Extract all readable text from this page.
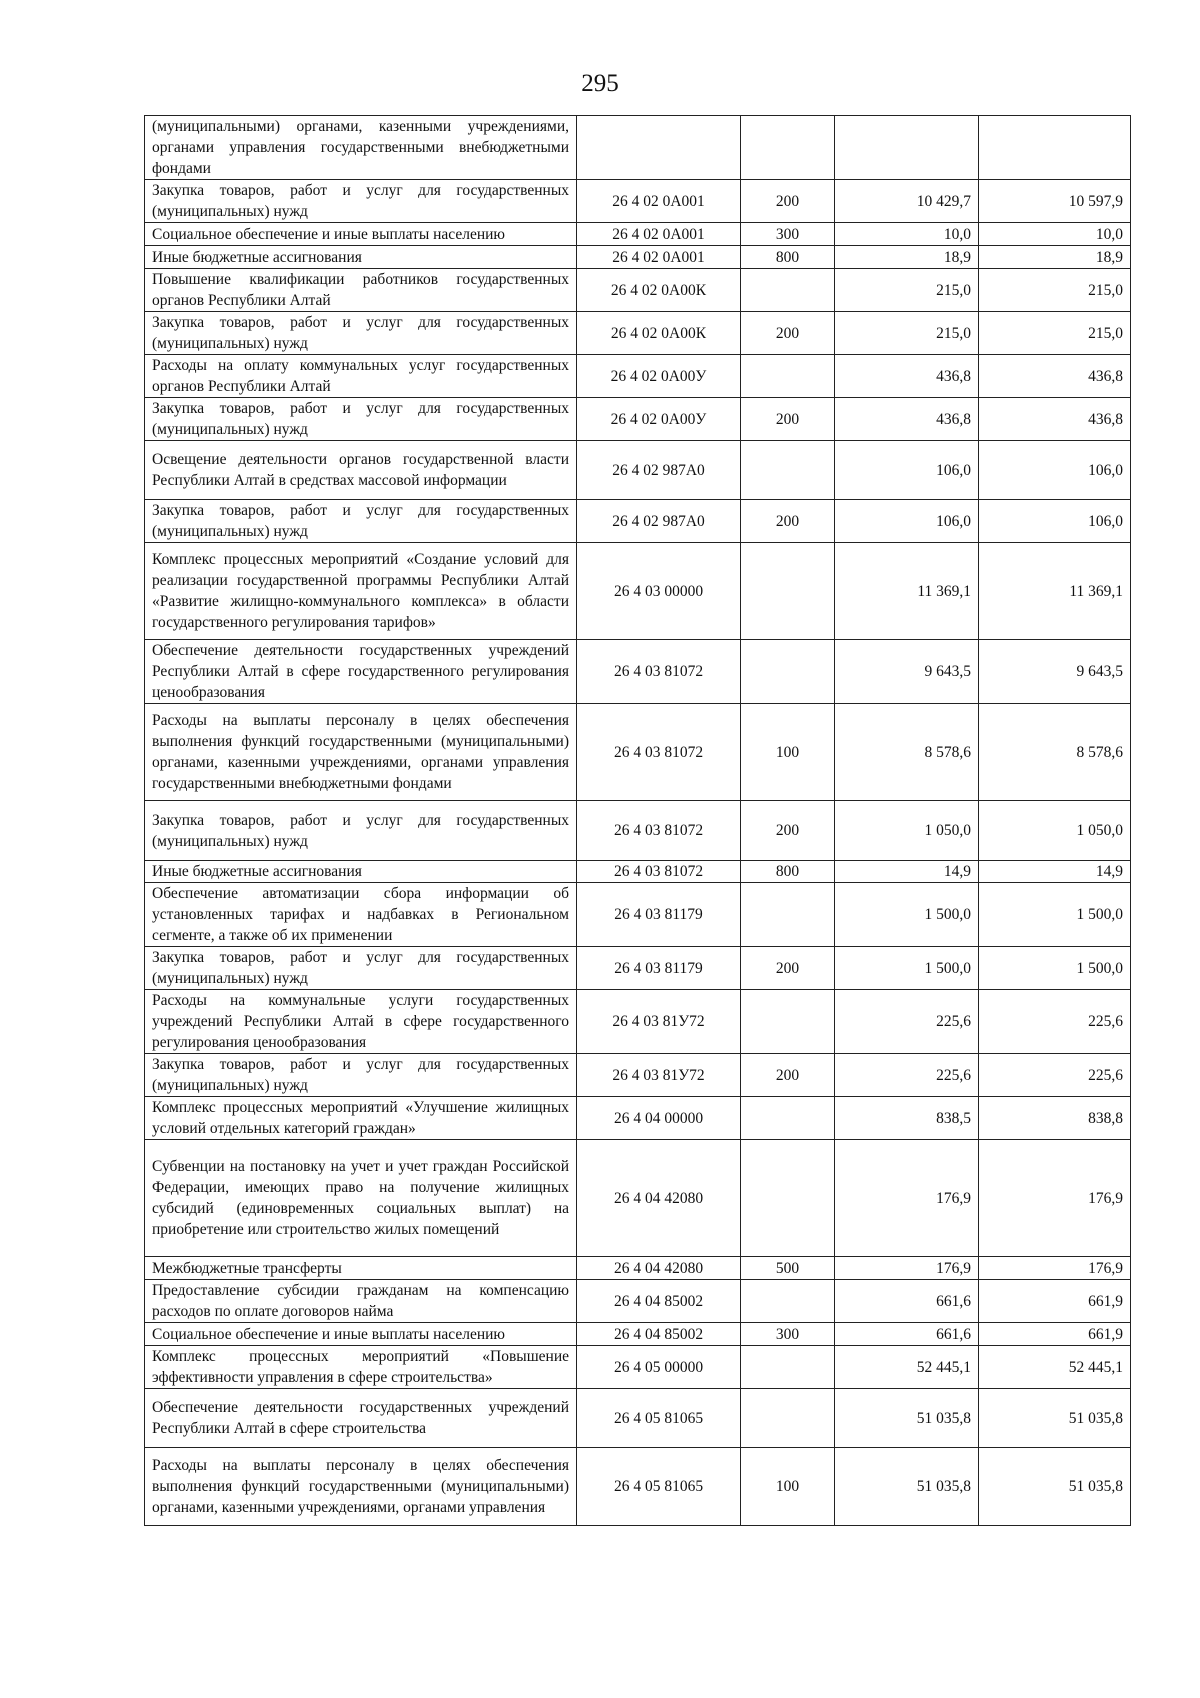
295
(муниципальными) органами, казенными учреждениями, органами управления государственными внебюджетными фондами				
Закупка товаров, работ и услуг для государственных (муниципальных) нужд	26 4 02 0А001	200	10 429,7	10 597,9
Социальное обеспечение и иные выплаты населению	26 4 02 0А001	300	10,0	10,0
Иные бюджетные ассигнования	26 4 02 0А001	800	18,9	18,9
Повышение квалификации работников государственных органов Республики Алтай	26 4 02 0А00К		215,0	215,0
Закупка товаров, работ и услуг для государственных (муниципальных) нужд	26 4 02 0А00К	200	215,0	215,0
Расходы на оплату коммунальных услуг государственных органов Республики Алтай	26 4 02 0А00У		436,8	436,8
Закупка товаров, работ и услуг для государственных (муниципальных) нужд	26 4 02 0А00У	200	436,8	436,8
Освещение деятельности органов государственной власти Республики Алтай в средствах массовой информации	26 4 02 987А0		106,0	106,0
Закупка товаров, работ и услуг для государственных (муниципальных) нужд	26 4 02 987А0	200	106,0	106,0
Комплекс процессных мероприятий «Создание условий для реализации государственной программы Республики Алтай «Развитие жилищно-коммунального комплекса» в области государственного регулирования тарифов»	26 4 03 00000		11 369,1	11 369,1
Обеспечение деятельности государственных учреждений Республики Алтай в сфере государственного регулирования ценообразования	26 4 03 81072		9 643,5	9 643,5
Расходы на выплаты персоналу в целях обеспечения выполнения функций государственными (муниципальными) органами, казенными учреждениями, органами управления государственными внебюджетными фондами	26 4 03 81072	100	8 578,6	8 578,6
Закупка товаров, работ и услуг для государственных (муниципальных) нужд	26 4 03 81072	200	1 050,0	1 050,0
Иные бюджетные ассигнования	26 4 03 81072	800	14,9	14,9
Обеспечение автоматизации сбора информации об установленных тарифах и надбавках в Региональном сегменте, а также об их применении	26 4 03 81179		1 500,0	1 500,0
Закупка товаров, работ и услуг для государственных (муниципальных) нужд	26 4 03 81179	200	1 500,0	1 500,0
Расходы на коммунальные услуги государственных учреждений Республики Алтай в сфере государственного регулирования ценообразования	26 4 03 81У72		225,6	225,6
Закупка товаров, работ и услуг для государственных (муниципальных) нужд	26 4 03 81У72	200	225,6	225,6
Комплекс процессных мероприятий «Улучшение жилищных условий отдельных категорий граждан»	26 4 04 00000		838,5	838,8
Субвенции на постановку на учет и учет граждан Российской Федерации, имеющих право на получение жилищных субсидий (единовременных социальных выплат) на приобретение или строительство жилых помещений	26 4 04 42080		176,9	176,9
Межбюджетные трансферты	26 4 04 42080	500	176,9	176,9
Предоставление субсидии гражданам на компенсацию расходов по оплате договоров найма	26 4 04 85002		661,6	661,9
Социальное обеспечение и иные выплаты населению	26 4 04 85002	300	661,6	661,9
Комплекс процессных мероприятий «Повышение эффективности управления в сфере строительства»	26 4 05 00000		52 445,1	52 445,1
Обеспечение деятельности государственных учреждений Республики Алтай в сфере строительства	26 4 05 81065		51 035,8	51 035,8
Расходы на выплаты персоналу в целях обеспечения выполнения функций государственными (муниципальными) органами, казенными учреждениями, органами управления	26 4 05 81065	100	51 035,8	51 035,8
